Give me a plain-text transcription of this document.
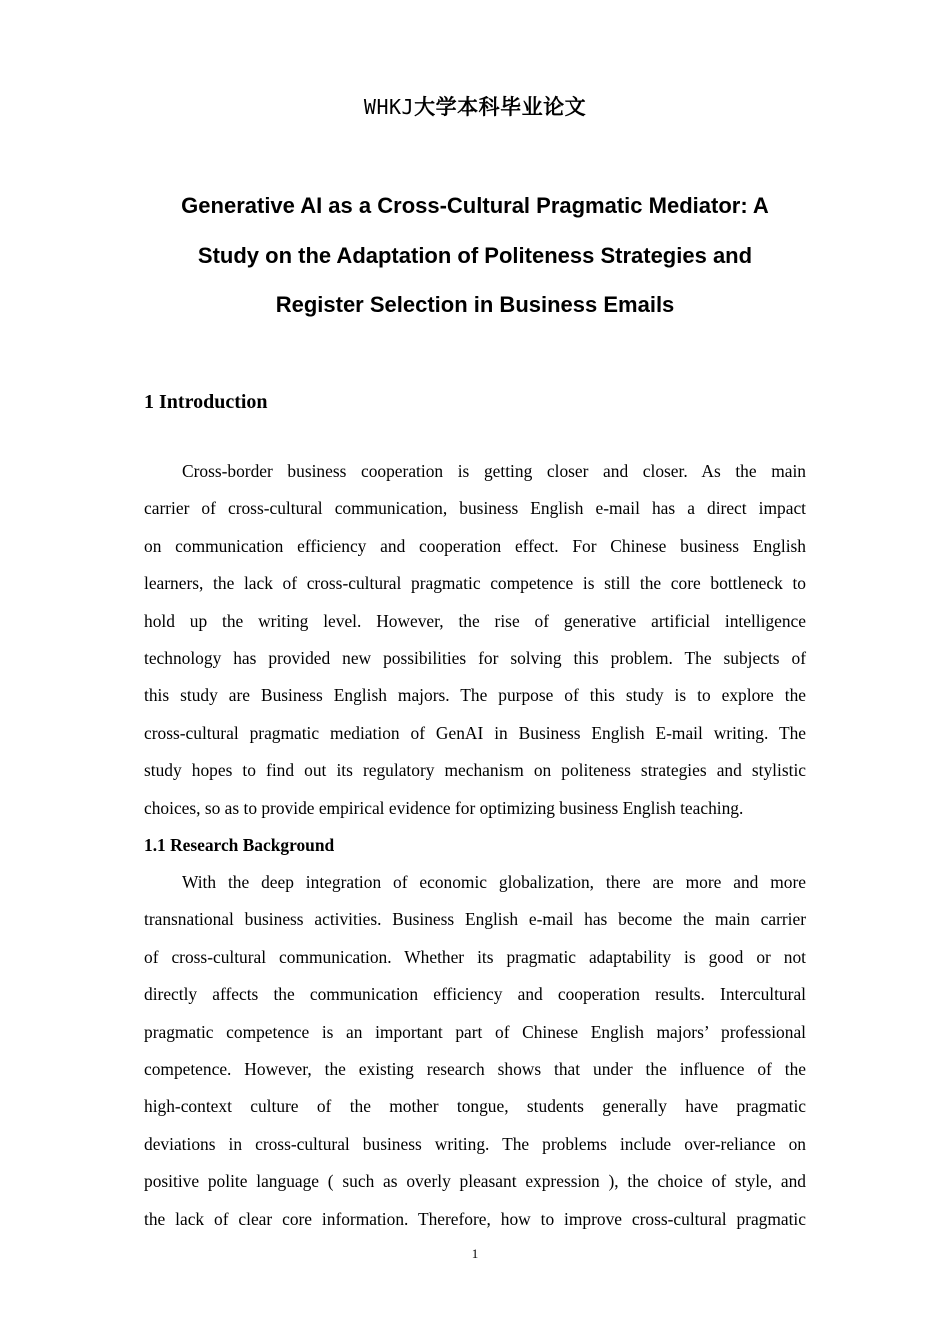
WHKJ大学本科毕业论文
Generative AI as a Cross-Cultural Pragmatic Mediator: A
Study on the Adaptation of Politeness Strategies and
Register Selection in Business Emails
1 Introduction
Cross-border business cooperation is getting closer and closer. As the main
carrier of cross-cultural communication, business English e-mail has a direct impact
on communication efficiency and cooperation effect. For Chinese business English
learners, the lack of cross-cultural pragmatic competence is still the core bottleneck to
hold up the writing level. However, the rise of generative artificial intelligence
technology has provided new possibilities for solving this problem. The subjects of
this study are Business English majors. The purpose of this study is to explore the
cross-cultural pragmatic mediation of GenAI in Business English E-mail writing. The
study hopes to find out its regulatory mechanism on politeness strategies and stylistic
choices, so as to provide empirical evidence for optimizing business English teaching.
1.1 Research Background
With the deep integration of economic globalization, there are more and more
transnational business activities. Business English e-mail has become the main carrier
of cross-cultural communication. Whether its pragmatic adaptability is good or not
directly affects the communication efficiency and cooperation results. Intercultural
pragmatic competence is an important part of Chinese English majors’ professional
competence. However, the existing research shows that under the influence of the
high-context culture of the mother tongue, students generally have pragmatic
deviations in cross-cultural business writing. The problems include over-reliance on
positive polite language ( such as overly pleasant expression ), the choice of style, and
the lack of clear core information. Therefore, how to improve cross-cultural pragmatic
1
